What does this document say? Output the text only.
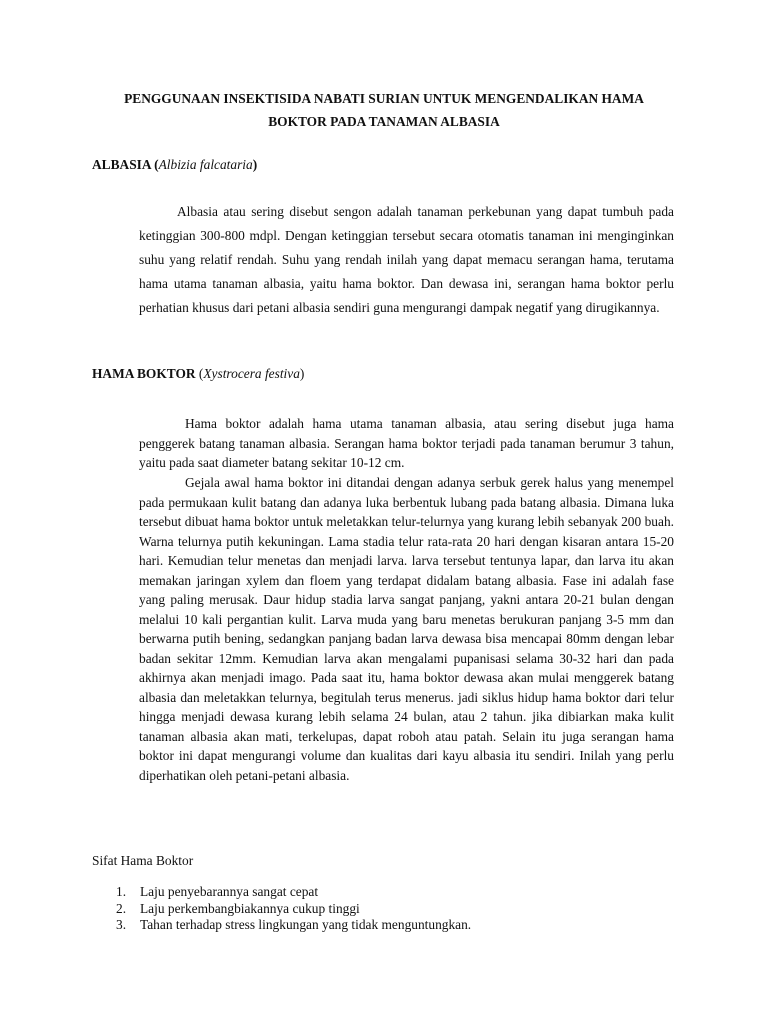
PENGGUNAAN INSEKTISIDA NABATI SURIAN UNTUK MENGENDALIKAN HAMA
BOKTOR PADA TANAMAN ALBASIA
ALBASIA (Albizia falcataria)

Albasia atau sering disebut sengon adalah tanaman perkebunan yang dapat tumbuh pada ketinggian 300-800 mdpl. Dengan ketinggian tersebut secara otomatis tanaman ini menginginkan suhu yang relatif rendah. Suhu yang rendah inilah yang dapat memacu serangan hama, terutama hama utama tanaman albasia, yaitu hama boktor. Dan dewasa ini, serangan hama boktor perlu perhatian khusus dari petani albasia sendiri guna mengurangi dampak negatif yang dirugikannya.

HAMA BOKTOR (Xystrocera festiva)

Hama boktor adalah hama utama tanaman albasia, atau sering disebut juga hama penggerek batang tanaman albasia. Serangan hama boktor terjadi pada tanaman berumur 3 tahun, yaitu pada saat diameter batang sekitar 10-12 cm.

Gejala awal hama boktor ini ditandai dengan adanya serbuk gerek halus yang menempel pada permukaan kulit batang dan adanya luka berbentuk lubang pada batang albasia. Dimana luka tersebut dibuat hama boktor untuk meletakkan telur-telurnya yang kurang lebih sebanyak 200 buah. Warna telurnya putih kekuningan. Lama stadia telur rata-rata 20 hari dengan kisaran antara 15-20 hari. Kemudian telur menetas dan menjadi larva. larva tersebut tentunya lapar, dan larva itu akan memakan jaringan xylem dan floem yang terdapat didalam batang albasia. Fase ini adalah fase yang paling merusak. Daur hidup stadia larva sangat panjang, yakni antara 20-21 bulan dengan melalui 10 kali pergantian kulit. Larva muda yang baru menetas berukuran panjang 3-5 mm dan berwarna putih bening, sedangkan panjang badan larva dewasa bisa mencapai 80mm dengan lebar badan sekitar 12mm. Kemudian larva akan mengalami pupanisasi selama 30-32 hari dan pada akhirnya akan menjadi imago. Pada saat itu, hama boktor dewasa akan mulai menggerek batang albasia dan meletakkan telurnya, begitulah terus menerus. jadi siklus hidup hama boktor dari telur hingga menjadi dewasa kurang lebih selama 24 bulan, atau 2 tahun. jika dibiarkan maka kulit tanaman albasia akan mati, terkelupas, dapat roboh atau patah. Selain itu juga serangan hama boktor ini dapat mengurangi volume dan kualitas dari kayu albasia itu sendiri. Inilah yang perlu diperhatikan oleh petani-petani albasia.

Sifat Hama Boktor
1.	Laju penyebarannya sangat cepat
2.	Laju perkembangbiakannya cukup tinggi
3.	Tahan terhadap stress lingkungan yang tidak menguntungkan.
